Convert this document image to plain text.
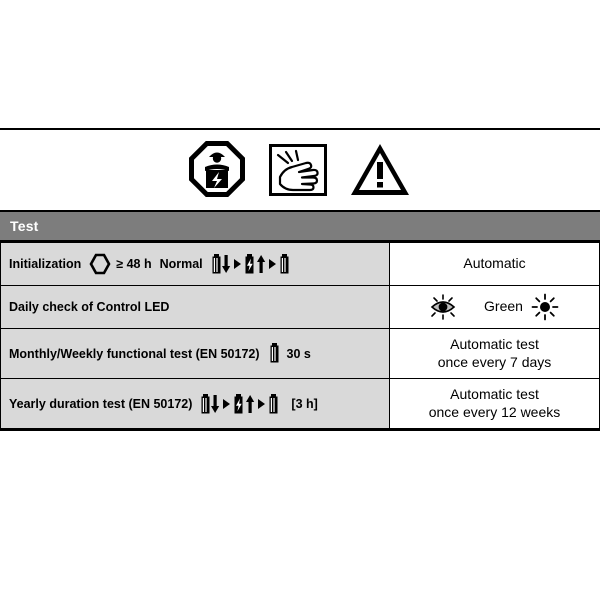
Test
Initialization ≥ 48 h Normal	Automatic

Daily check of Control LED	Green

Monthly/Weekly functional test (EN 50172) 30 s	Automatic test
once every 7 days

Yearly duration test (EN 50172) [3 h]	Automatic test
once every 12 weeks
